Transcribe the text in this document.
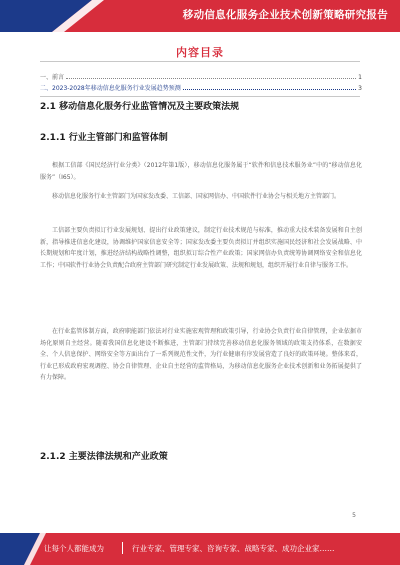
移动信息化服务企业技术创新策略研究报告
内容目录
一、前言	1
二、2023-2028年移动信息化服务行业发展趋势预测	3
2.1 移动信息化服务行业监管情况及主要政策法规
2.1.1 行业主管部门和监管体制

根据工信部《国民经济行业分类》（2012年第1版），移动信息化服务属于“软件和信息技术服务业”中的“移动信息化服务”（I65）。

移动信息化服务行业主管部门为国家发改委、工信部、国家网信办、中国软件行业协会与相关地方主管部门。

工信部主要负责拟订行业发展规划、提出行业政策建议，制定行业技术规范与标准，推动重大技术装备发展和自主创新，指导推进信息化建设，协调维护国家信息安全等；国家发改委主要负责拟订并组织实施国民经济和社会发展战略、中长期规划和年度计划，推进经济结构战略性调整，组织拟订综合性产业政策；国家网信办负责统筹协调网络安全和信息化工作；中国软件行业协会负责配合政府主管部门研究制定行业发展政策、法规和规划，组织开展行业自律与服务工作。

在行业监管体制方面，政府职能部门依法对行业实施宏观管理和政策引导，行业协会负责行业自律管理，企业依据市场化原则自主经营。随着我国信息化建设不断推进，主管部门持续完善移动信息化服务领域的政策支持体系，在数据安全、个人信息保护、网络安全等方面出台了一系列规范性文件，为行业健康有序发展营造了良好的政策环境。整体来看，行业已形成政府宏观调控、协会自律管理、企业自主经营的监管格局，为移动信息化服务企业技术创新和业务拓展提供了有力保障。

2.1.2 主要法律法规和产业政策
5
让每个人都能成为	行业专家、管理专家、咨询专家、战略专家、成功企业家……
